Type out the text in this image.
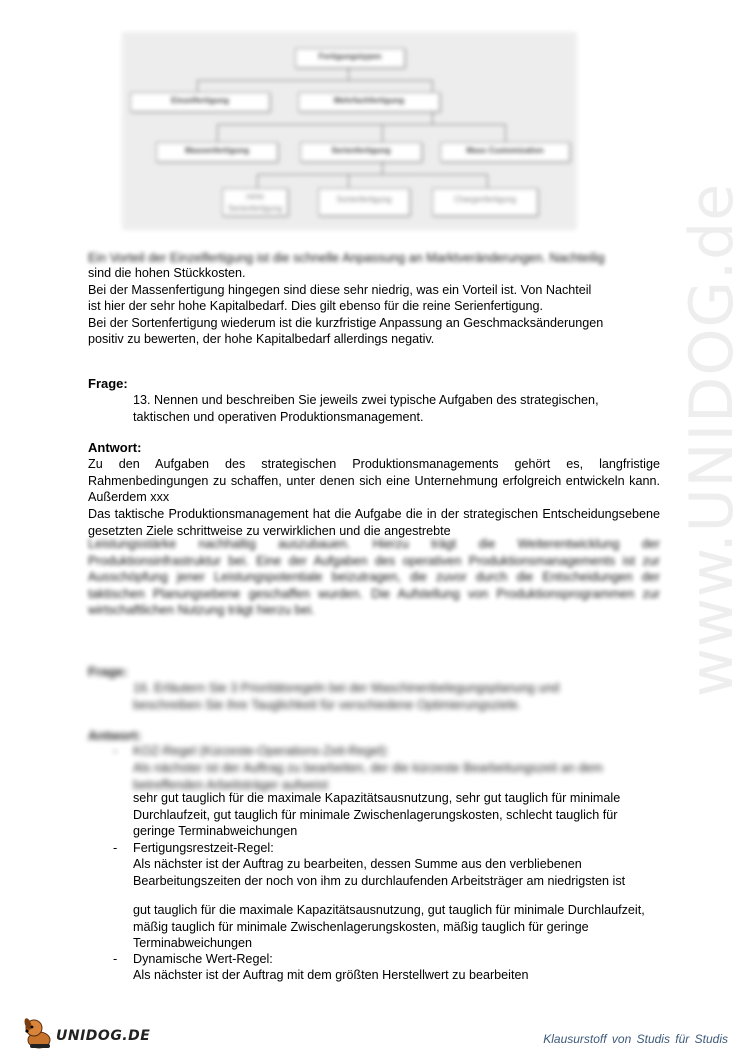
Fertigungstypen
Einzelfertigung	Mehrfachfertigung
Massenfertigung	Serienfertigung	Mass Customization
reine Serienfertigung
Sortenfertigung	Chargenfertigung
Ein Vorteil der Einzelfertigung ist die schnelle Anpassung an Marktveränderungen. Nachteilig
sind die hohen Stückkosten.
Bei der Massenfertigung hingegen sind diese sehr niedrig, was ein Vorteil ist. Von Nachteil
ist hier der sehr hohe Kapitalbedarf. Dies gilt ebenso für die reine Serienfertigung.
Bei der Sortenfertigung wiederum ist die kurzfristige Anpassung an Geschmacksänderungen
positiv zu bewerten, der hohe Kapitalbedarf allerdings negativ.
Frage:
13. Nennen und beschreiben Sie jeweils zwei typische Aufgaben des strategischen,
taktischen und operativen Produktionsmanagement.
Antwort:
Zu den Aufgaben des strategischen Produktionsmanagements gehört es, langfristige Rahmenbedingungen zu schaffen, unter denen sich eine Unternehmung erfolgreich entwickeln kann. Außerdem xxx
Das taktische Produktionsmanagement hat die Aufgabe die in der strategischen Entscheidungsebene gesetzten Ziele schrittweise zu verwirklichen und die angestrebte
Leistungsstärke nachhaltig auszubauen. Hierzu trägt die Weiterentwicklung der Produktionsinfrastruktur bei. Eine der Aufgaben des operativen Produktionsmanagements ist zur Ausschöpfung jener Leistungspotentiale beizutragen, die zuvor durch die Entscheidungen der taktischen Planungsebene geschaffen wurden. Die Aufstellung von Produktionsprogrammen zur wirtschaftlichen Nutzung trägt hierzu bei.
Frage:
16. Erläutern Sie 3 Prioritätsregeln bei der Maschinenbelegungsplanung und
beschreiben Sie ihre Tauglichkeit für verschiedene Optimierungsziele.
Antwort:
- KOZ-Regel (Kürzeste-Operations-Zeit-Regel):
Als nächster ist der Auftrag zu bearbeiten, der die kürzeste Bearbeitungszeit an dem betreffenden Arbeitsträger aufweist
sehr gut tauglich für die maximale Kapazitätsausnutzung, sehr gut tauglich für minimale Durchlaufzeit, gut tauglich für minimale Zwischenlagerungskosten, schlecht tauglich für geringe Terminabweichungen
- Fertigungsrestzeit-Regel:
Als nächster ist der Auftrag zu bearbeiten, dessen Summe aus den verbliebenen Bearbeitungszeiten der noch von ihm zu durchlaufenden Arbeitsträger am niedrigsten ist
gut tauglich für die maximale Kapazitätsausnutzung, gut tauglich für minimale Durchlaufzeit, mäßig tauglich für minimale Zwischenlagerungskosten, mäßig tauglich für geringe Terminabweichungen
- Dynamische Wert-Regel:
Als nächster ist der Auftrag mit dem größten Herstellwert zu bearbeiten
www.UNIDOG.de
UNIDOG.DE	Klausurstoff von Studis für Studis
